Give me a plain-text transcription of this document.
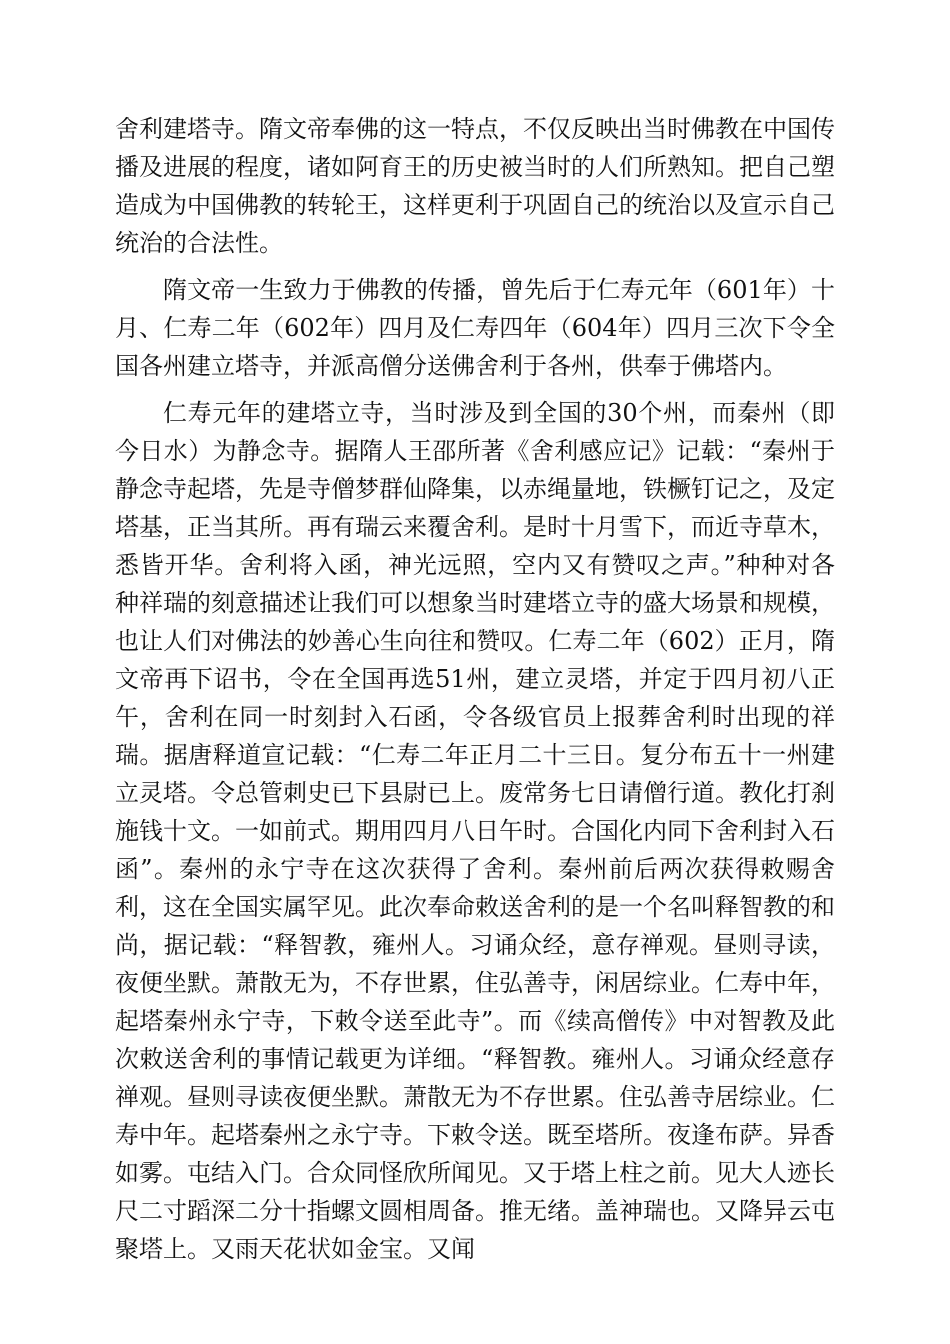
舍利建塔寺。隋文帝奉佛的这一特点，不仅反映出当时佛教在中国传播及进展的程度，诸如阿育王的历史被当时的人们所熟知。把自己塑造成为中国佛教的转轮王，这样更利于巩固自己的统治以及宣示自己统治的合法性。

隋文帝一生致力于佛教的传播，曾先后于仁寿元年（601年）十月、仁寿二年（602年）四月及仁寿四年（604年）四月三次下令全国各州建立塔寺，并派高僧分送佛舍利于各州，供奉于佛塔内。

仁寿元年的建塔立寺，当时涉及到全国的30个州，而秦州（即今日水）为静念寺。据隋人王邵所著《舍利感应记》记载：“秦州于静念寺起塔，先是寺僧梦群仙降集，以赤绳量地，铁橛钉记之，及定塔基，正当其所。再有瑞云来覆舍利。是时十月雪下，而近寺草木，悉皆开华。舍利将入函，神光远照，空内又有赞叹之声。”种种对各种祥瑞的刻意描述让我们可以想象当时建塔立寺的盛大场景和规模，也让人们对佛法的妙善心生向往和赞叹。仁寿二年（602）正月，隋文帝再下诏书，令在全国再选51州，建立灵塔，并定于四月初八正午，舍利在同一时刻封入石函，令各级官员上报葬舍利时出现的祥瑞。据唐释道宣记载：“仁寿二年正月二十三日。复分布五十一州建立灵塔。令总管刺史已下县尉已上。废常务七日请僧行道。教化打刹施钱十文。一如前式。期用四月八日午时。合国化内同下舍利封入石函”。秦州的永宁寺在这次获得了舍利。秦州前后两次获得敕赐舍利，这在全国实属罕见。此次奉命敕送舍利的是一个名叫释智教的和尚，据记载：“释智教，雍州人。习诵众经，意存禅观。昼则寻读，夜便坐默。萧散无为，不存世累，住弘善寺，闲居综业。仁寿中年，起塔秦州永宁寺，下敕令送至此寺”。而《续高僧传》中对智教及此次敕送舍利的事情记载更为详细。“释智教。雍州人。习诵众经意存禅观。昼则寻读夜便坐默。萧散无为不存世累。住弘善寺居综业。仁寿中年。起塔秦州之永宁寺。下敕令送。既至塔所。夜逢布萨。异香如雾。屯结入门。合众同怪欣所闻见。又于塔上柱之前。见大人迹长尺二寸蹈深二分十指螺文圆相周备。推无绪。盖神瑞也。又降异云屯聚塔上。又雨天花状如金宝。又闻
